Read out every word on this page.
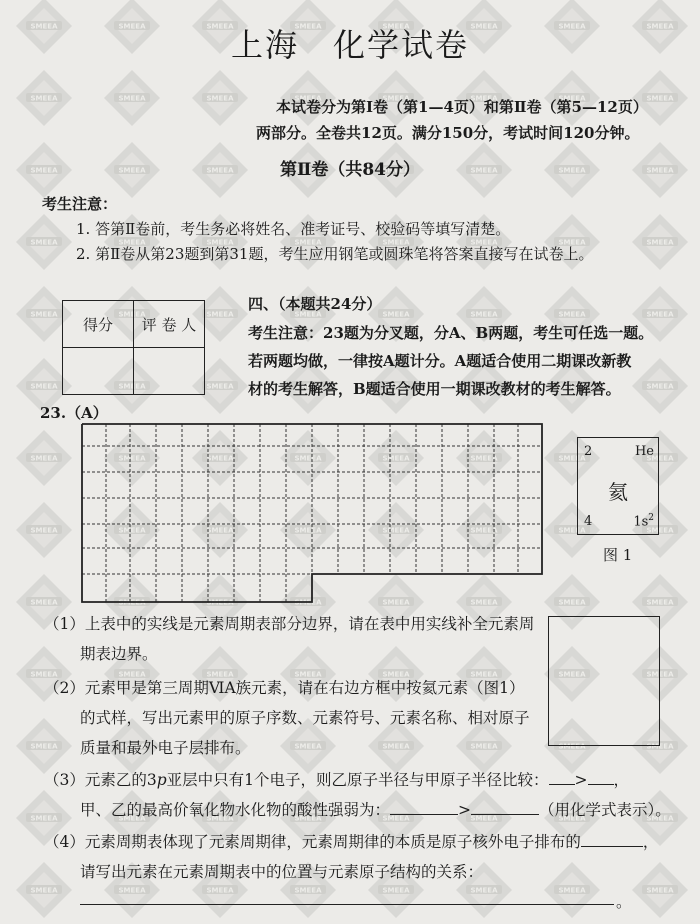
上海　化学试卷
本试卷分为第Ⅰ卷（第1—4页）和第Ⅱ卷（第5—12页）
两部分。全卷共12页。满分150分，考试时间120分钟。
第Ⅱ卷（共84分）
考生注意：
1. 答第Ⅱ卷前，考生务必将姓名、准考证号、校验码等填写清楚。
2. 第Ⅱ卷从第23题到第31题，考生应用钢笔或圆珠笔将答案直接写在试卷上。
得分	评 卷 人

四、（本题共24分）
考生注意：23题为分叉题，分A、B两题，考生可任选一题。
若两题均做，一律按A题计分。A题适合使用二期课改新教
材的考生解答，B题适合使用一期课改教材的考生解答。
23.（A）
2	He
氦
4	$1s^2$
图 1
（1）上表中的实线是元素周期表部分边界，请在表中用实线补全元素周
期表边界。
（2）元素甲是第三周期ⅥA族元素，请在右边方框中按氦元素（图1）
的式样，写出元素甲的原子序数、元素符号、元素名称、相对原子
质量和最外电子层排布。
（3）元素乙的3p亚层中只有1个电子，则乙原子半径与甲原子半径比较： > ，
甲、乙的最高价氧化物水化物的酸性强弱为：	>	（用化学式表示）。
（4）元素周期表体现了元素周期律，元素周期律的本质是原子核外电子排布的	，
请写出元素在元素周期表中的位置与元素原子结构的关系：
。
